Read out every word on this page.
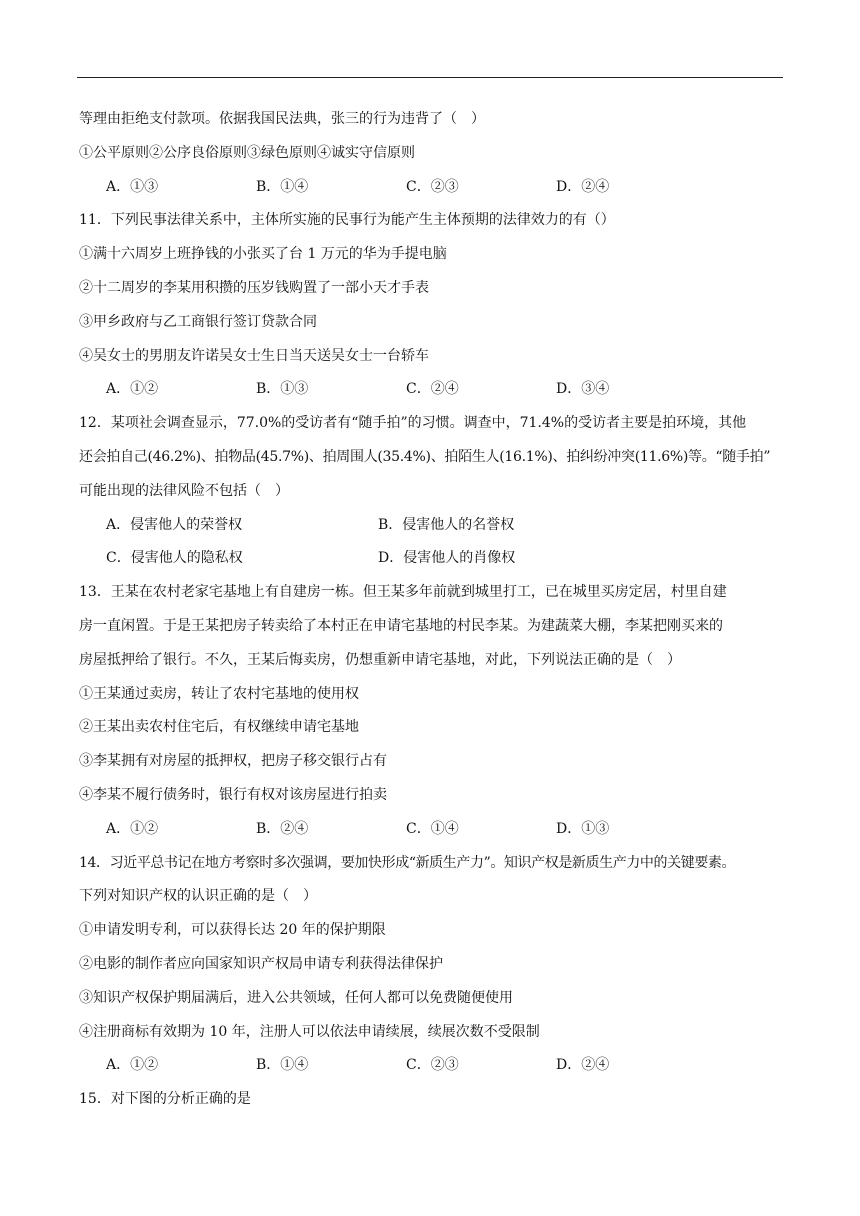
等理由拒绝支付款项。依据我国民法典，张三的行为违背了（　）
①公平原则②公序良俗原则③绿色原则④诚实守信原则
A．①③	B．①④	C．②③	D．②④
11．下列民事法律关系中，主体所实施的民事行为能产生主体预期的法律效力的有（）
①满十六周岁上班挣钱的小张买了台 1 万元的华为手提电脑
②十二周岁的李某用积攒的压岁钱购置了一部小天才手表
③甲乡政府与乙工商银行签订贷款合同
④吴女士的男朋友许诺吴女士生日当天送吴女士一台轿车
A．①②	B．①③	C．②④	D．③④
12．某项社会调查显示，77.0%的受访者有“随手拍”的习惯。调查中，71.4%的受访者主要是拍环境，其他
还会拍自己(46.2%)、拍物品(45.7%)、拍周围人(35.4%)、拍陌生人(16.1%)、拍纠纷冲突(11.6%)等。“随手拍”
可能出现的法律风险不包括（　）
A．侵害他人的荣誉权	B．侵害他人的名誉权
C．侵害他人的隐私权	D．侵害他人的肖像权
13．王某在农村老家宅基地上有自建房一栋。但王某多年前就到城里打工，已在城里买房定居，村里自建
房一直闲置。于是王某把房子转卖给了本村正在申请宅基地的村民李某。为建蔬菜大棚，李某把刚买来的
房屋抵押给了银行。不久，王某后悔卖房，仍想重新申请宅基地，对此，下列说法正确的是（　）
①王某通过卖房，转让了农村宅基地的使用权
②王某出卖农村住宅后，有权继续申请宅基地
③李某拥有对房屋的抵押权，把房子移交银行占有
④李某不履行债务时，银行有权对该房屋进行拍卖
A．①②	B．②④	C．①④	D．①③
14．习近平总书记在地方考察时多次强调，要加快形成“新质生产力”。知识产权是新质生产力中的关键要素。
下列对知识产权的认识正确的是（　）
①申请发明专利，可以获得长达 20 年的保护期限
②电影的制作者应向国家知识产权局申请专利获得法律保护
③知识产权保护期届满后，进入公共领域，任何人都可以免费随便使用
④注册商标有效期为 10 年，注册人可以依法申请续展，续展次数不受限制
A．①②	B．①④	C．②③	D．②④
15．对下图的分析正确的是
